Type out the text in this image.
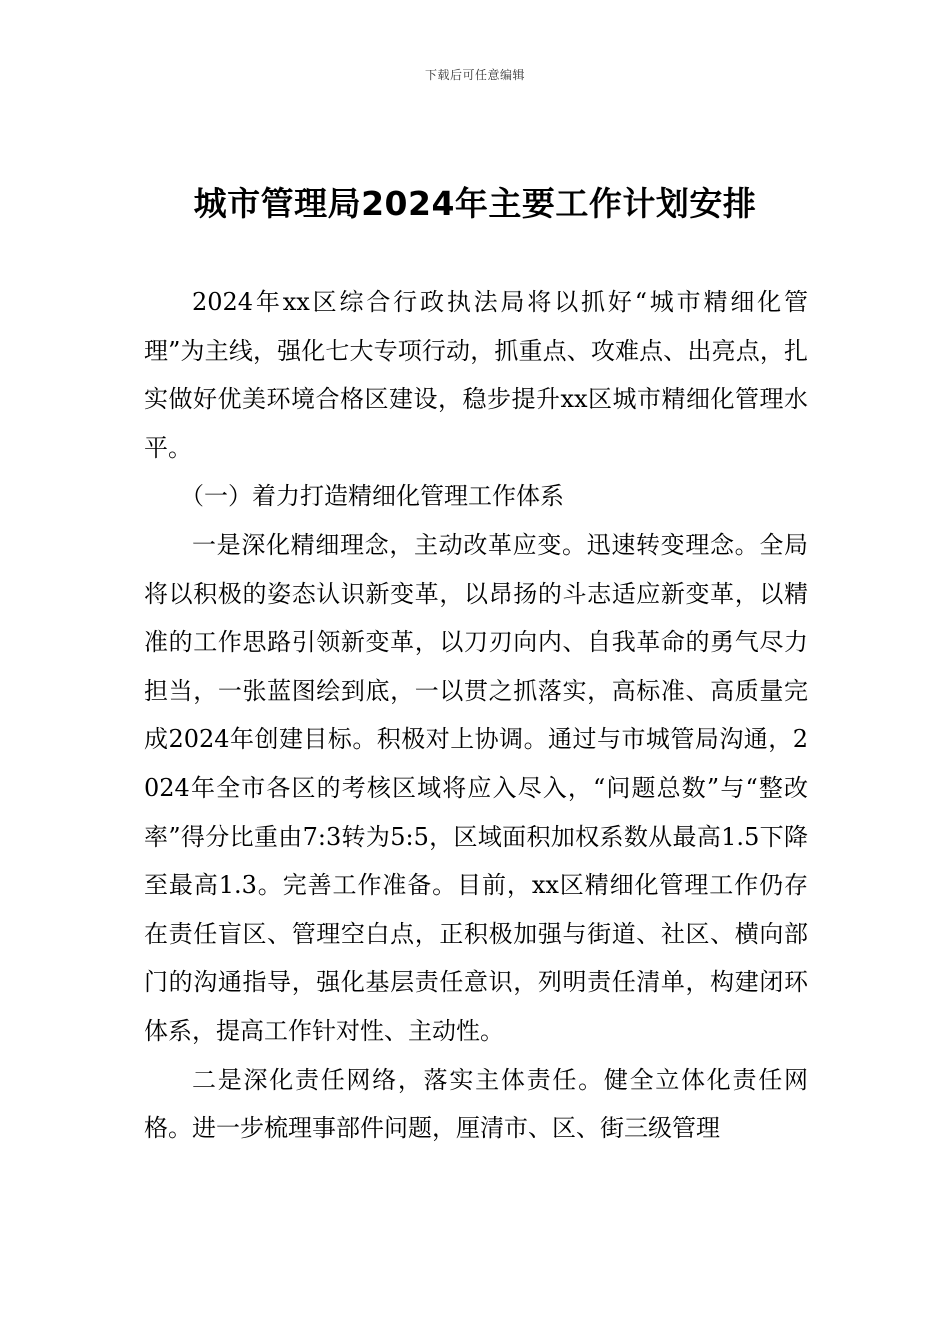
下载后可任意编辑
城市管理局2024年主要工作计划安排

2024年xx区综合行政执法局将以抓好“城市精细化管理”为主线，强化七大专项行动，抓重点、攻难点、出亮点，扎实做好优美环境合格区建设，稳步提升xx区城市精细化管理水平。

（一）着力打造精细化管理工作体系

一是深化精细理念，主动改革应变。迅速转变理念。全局将以积极的姿态认识新变革，以昂扬的斗志适应新变革，以精准的工作思路引领新变革，以刀刃向内、自我革命的勇气尽力担当，一张蓝图绘到底，一以贯之抓落实，高标准、高质量完成2024年创建目标。积极对上协调。通过与市城管局沟通，2024年全市各区的考核区域将应入尽入，“问题总数”与“整改率”得分比重由7:3转为5:5，区域面积加权系数从最高1.5下降至最高1.3。完善工作准备。目前，xx区精细化管理工作仍存在责任盲区、管理空白点，正积极加强与街道、社区、横向部门的沟通指导，强化基层责任意识，列明责任清单，构建闭环体系，提高工作针对性、主动性。

二是深化责任网络，落实主体责任。健全立体化责任网格。进一步梳理事部件问题，厘清市、区、街三级管理
